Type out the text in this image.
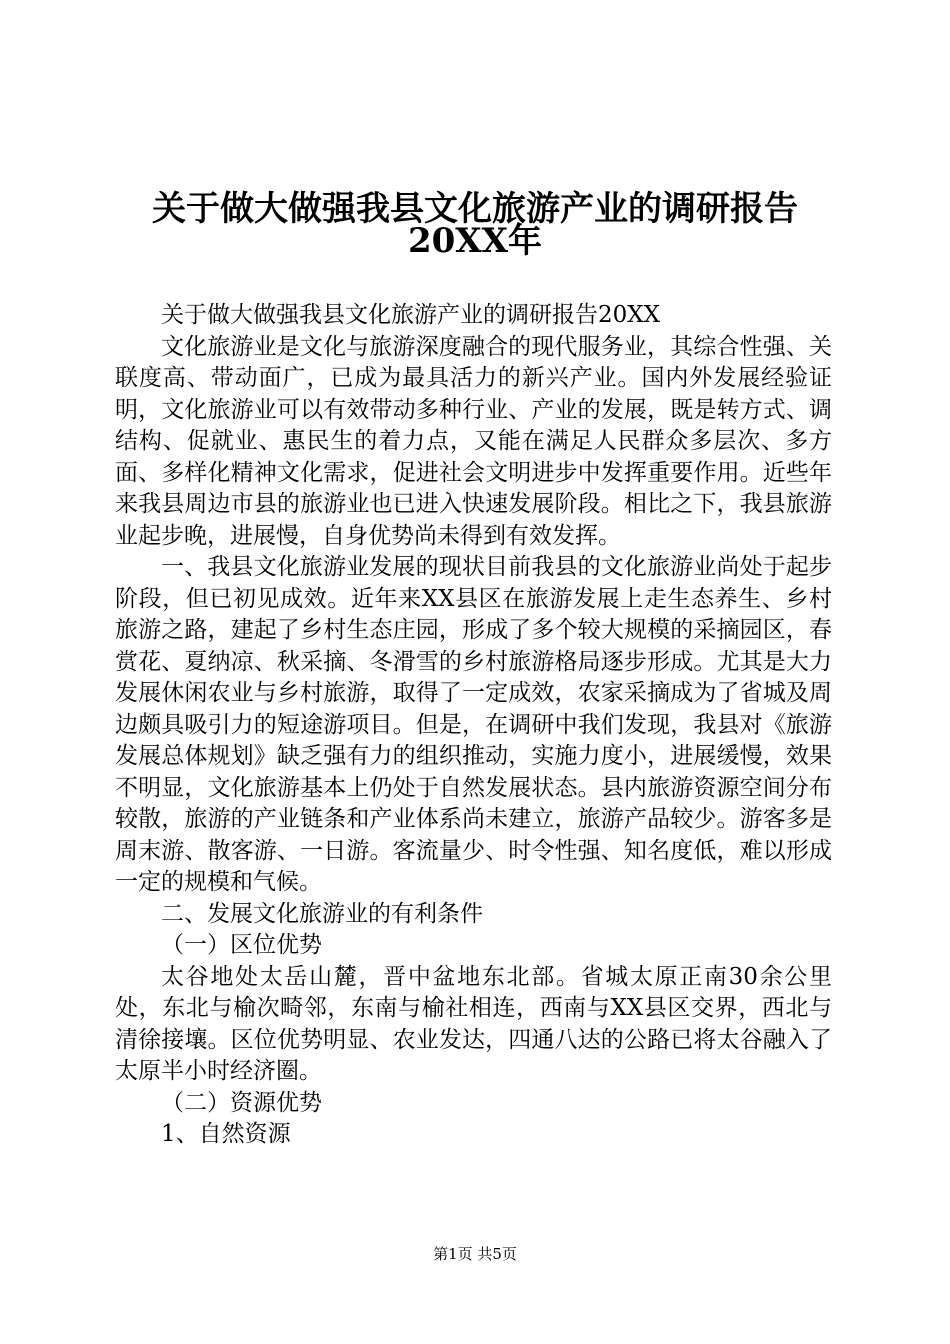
关于做大做强我县文化旅游产业的调研报告
20XX年

关于做大做强我县文化旅游产业的调研报告20XX

文化旅游业是文化与旅游深度融合的现代服务业，其综合性强、关联度高、带动面广，已成为最具活力的新兴产业。国内外发展经验证明，文化旅游业可以有效带动多种行业、产业的发展，既是转方式、调结构、促就业、惠民生的着力点，又能在满足人民群众多层次、多方面、多样化精神文化需求，促进社会文明进步中发挥重要作用。近些年来我县周边市县的旅游业也已进入快速发展阶段。相比之下，我县旅游业起步晚，进展慢，自身优势尚未得到有效发挥。

一、我县文化旅游业发展的现状目前我县的文化旅游业尚处于起步阶段，但已初见成效。近年来XX县区在旅游发展上走生态养生、乡村旅游之路，建起了乡村生态庄园，形成了多个较大规模的采摘园区，春赏花、夏纳凉、秋采摘、冬滑雪的乡村旅游格局逐步形成。尤其是大力发展休闲农业与乡村旅游，取得了一定成效，农家采摘成为了省城及周边颇具吸引力的短途游项目。但是，在调研中我们发现，我县对《旅游发展总体规划》缺乏强有力的组织推动，实施力度小，进展缓慢，效果不明显，文化旅游基本上仍处于自然发展状态。县内旅游资源空间分布较散，旅游的产业链条和产业体系尚未建立，旅游产品较少。游客多是周末游、散客游、一日游。客流量少、时令性强、知名度低，难以形成一定的规模和气候。

二、发展文化旅游业的有利条件

（一）区位优势

太谷地处太岳山麓，晋中盆地东北部。省城太原正南30余公里处，东北与榆次畸邻，东南与榆社相连，西南与XX县区交界，西北与清徐接壤。区位优势明显、农业发达，四通八达的公路已将太谷融入了太原半小时经济圈。

（二）资源优势

1、自然资源

第1页 共5页
